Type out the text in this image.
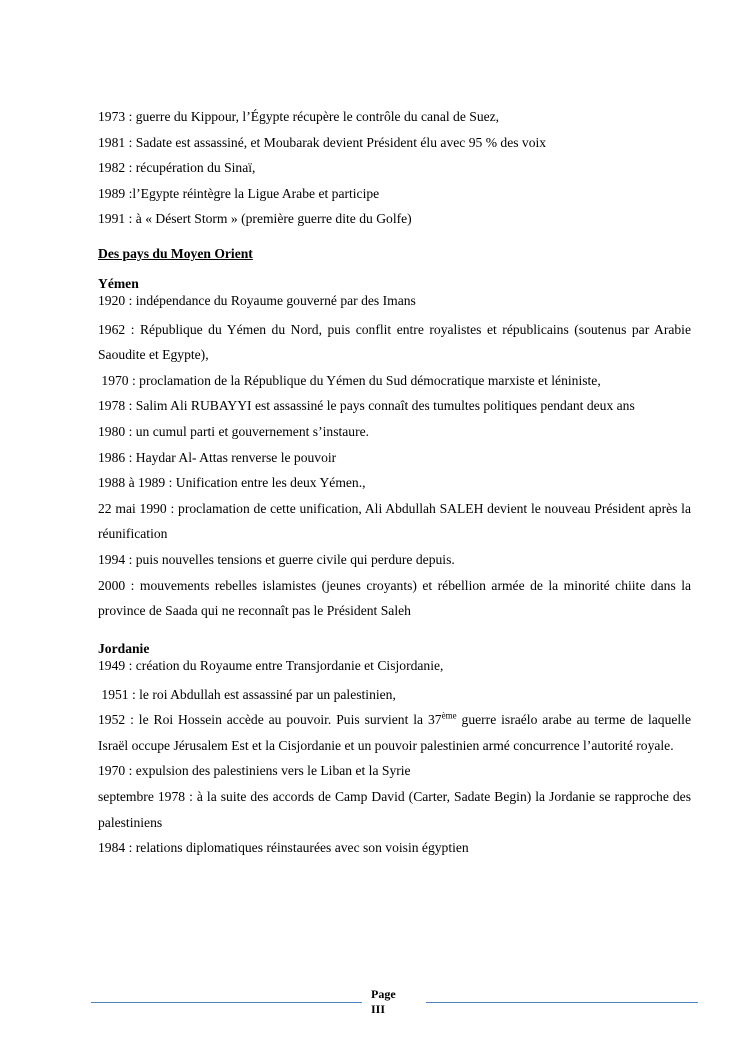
1973 : guerre du Kippour, l’Égypte récupère le contrôle du canal de Suez,

1981 : Sadate est assassiné, et Moubarak devient Président élu avec 95 % des voix

1982 : récupération du Sinaï,

1989 :l’Egypte réintègre la Ligue Arabe et participe

1991 : à « Désert Storm » (première guerre dite du Golfe)

Des pays du Moyen Orient

Yémen

1920 : indépendance du Royaume gouverné par des Imans

1962 : République du Yémen du Nord, puis conflit entre royalistes et républicains (soutenus par Arabie Saoudite et Egypte),

1970 : proclamation de la République du Yémen du Sud démocratique marxiste et léniniste,

1978 : Salim Ali RUBAYYI est assassiné le pays connaît des tumultes politiques pendant deux ans

1980 : un cumul parti et gouvernement s’instaure.

1986 : Haydar Al- Attas renverse le pouvoir

1988 à 1989 : Unification entre les deux Yémen.,

22 mai 1990 : proclamation de cette unification, Ali Abdullah SALEH devient le nouveau Président après la réunification

1994 : puis nouvelles tensions et guerre civile qui perdure depuis.

2000 : mouvements rebelles islamistes (jeunes croyants) et rébellion armée de la minorité chiite dans la province de Saada qui ne reconnaît pas le Président Saleh

Jordanie

1949 : création du Royaume entre Transjordanie et Cisjordanie,

1951 : le roi Abdullah est assassiné par un palestinien,

1952 : le Roi Hossein accède au pouvoir. Puis survient la 37ème guerre israélo arabe au terme de laquelle Israël occupe Jérusalem Est et la Cisjordanie et un pouvoir palestinien armé concurrence l’autorité royale.

1970 : expulsion des palestiniens vers le Liban et la Syrie

septembre 1978 : à la suite des accords de Camp David (Carter, Sadate Begin) la Jordanie se rapproche des palestiniens

1984 : relations diplomatiques réinstaurées avec son voisin égyptien

Page
III
